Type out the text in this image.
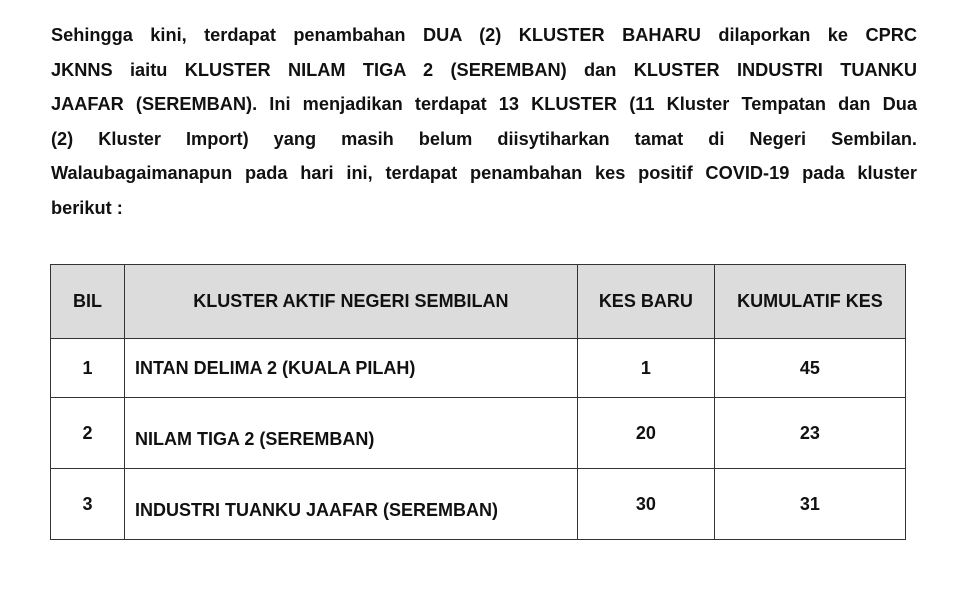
Sehingga kini, terdapat penambahan DUA (2) KLUSTER BAHARU dilaporkan ke CPRC
JKNNS iaitu KLUSTER NILAM TIGA 2 (SEREMBAN) dan KLUSTER INDUSTRI TUANKU
JAAFAR (SEREMBAN). Ini menjadikan terdapat 13 KLUSTER (11 Kluster Tempatan dan Dua
(2) Kluster Import) yang masih belum diisytiharkan tamat di Negeri Sembilan.
Walaubagaimanapun pada hari ini, terdapat penambahan kes positif COVID-19 pada kluster
berikut :
BIL	KLUSTER AKTIF NEGERI SEMBILAN	KES BARU	KUMULATIF KES
1	INTAN DELIMA 2 (KUALA PILAH)	1	45
2	NILAM TIGA 2 (SEREMBAN)	20	23
3	INDUSTRI TUANKU JAAFAR (SEREMBAN)	30	31
